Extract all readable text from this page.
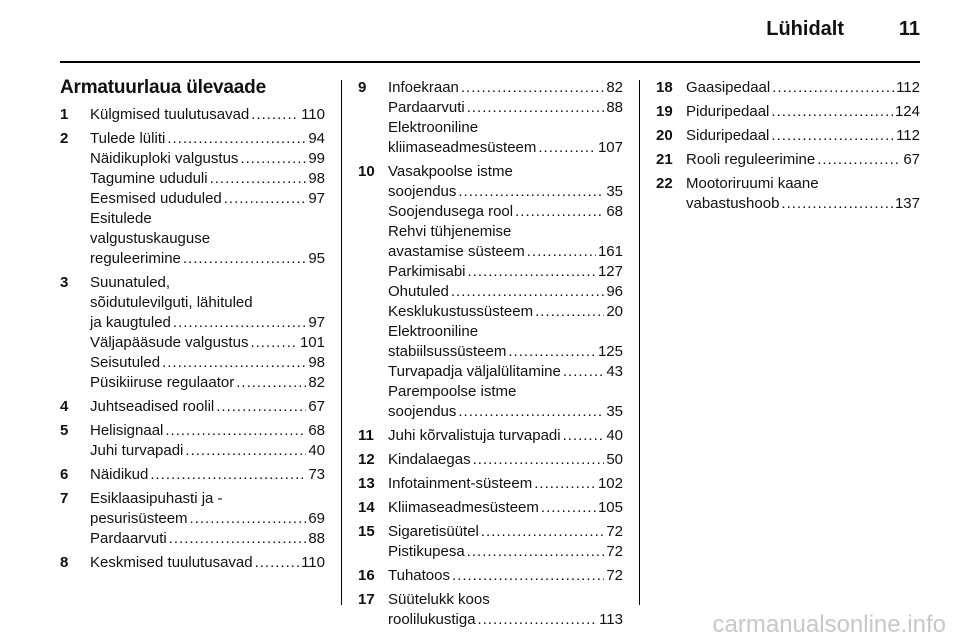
Lühidalt	11
Armatuurlaua ülevaade
1	Külgmised tuulutusavad .....	110
2	Tulede lüliti .....	94
Näidikuploki valgustus .....	99
Tagumine ududuli .....	98
Eesmised ududuled .....	97
Esitulede
valgustuskauguse
reguleerimine .....	95
3	Suunatuled,
sõidutulevilguti, lähituled
ja kaugtuled .....	97
Väljapääsude valgustus .....	101
Seisutuled .....	98
Püsikiiruse regulaator .....	82
4	Juhtseadised roolil .....	67
5	Helisignaal .....	68
Juhi turvapadi .....	40
6	Näidikud .....	73
7	Esiklaasipuhasti ja -
pesurisüsteem .....	69
Pardaarvuti .....	88
8	Keskmised tuulutusavad .....	110
9	Infoekraan .....	82
Pardaarvuti .....	88
Elektrooniline
kliimaseadmesüsteem .....	107
10 Vasakpoolse istme
soojendus .....	35
Soojendusega rool .....	68
Rehvi tühjenemise
avastamise süsteem .....	161
Parkimisabi .....	127
Ohutuled .....	96
Kesklukustussüsteem .....	20
Elektrooniline
stabiilsussüsteem .....	125
Turvapadja väljalülitamine .....	43
Parempoolse istme
soojendus .....	35
11 Juhi kõrvalistuja turvapadi .....	40
12 Kindalaegas .....	50
13 Infotainment-süsteem .....	102
14 Kliimaseadmesüsteem .....	105
15 Sigaretisüütel .....	72
Pistikupesa .....	72
16 Tuhatoos .....	72
17 Süütelukk koos
roolilukustiga .....	113
18 Gaasipedaal .....	112
19 Piduripedaal .....	124
20 Siduripedaal .....	112
21 Rooli reguleerimine .....	67
22 Mootoriruumi kaane
vabastushoob .....	137
carmanualsonline.info
